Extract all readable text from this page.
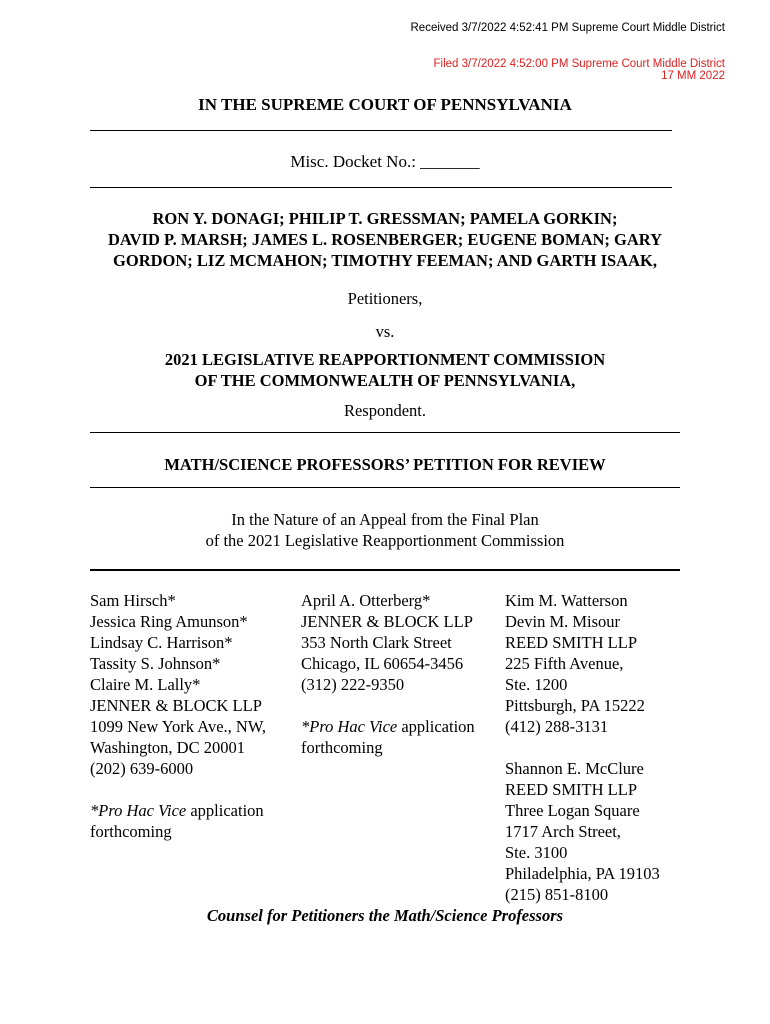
Received 3/7/2022 4:52:41 PM Supreme Court Middle District
Filed 3/7/2022 4:52:00 PM Supreme Court Middle District
17 MM 2022
IN THE SUPREME COURT OF PENNSYLVANIA
Misc. Docket No.: _______
RON Y. DONAGI; PHILIP T. GRESSMAN; PAMELA GORKIN;
DAVID P. MARSH; JAMES L. ROSENBERGER; EUGENE BOMAN; GARY
GORDON; LIZ MCMAHON; TIMOTHY FEEMAN; AND GARTH ISAAK,
Petitioners,
vs.
2021 LEGISLATIVE REAPPORTIONMENT COMMISSION
OF THE COMMONWEALTH OF PENNSYLVANIA,
Respondent.
MATH/SCIENCE PROFESSORS’ PETITION FOR REVIEW
In the Nature of an Appeal from the Final Plan
of the 2021 Legislative Reapportionment Commission
Sam Hirsch*
Jessica Ring Amunson*
Lindsay C. Harrison*
Tassity S. Johnson*
Claire M. Lally*
JENNER & BLOCK LLP
1099 New York Ave., NW,
Washington, DC 20001
(202) 639-6000
*Pro Hac Vice application
forthcoming
April A. Otterberg*
JENNER & BLOCK LLP
353 North Clark Street
Chicago, IL 60654-3456
(312) 222-9350
*Pro Hac Vice application
forthcoming
Kim M. Watterson
Devin M. Misour
REED SMITH LLP
225 Fifth Avenue,
Ste. 1200
Pittsburgh, PA 15222
(412) 288-3131
Shannon E. McClure
REED SMITH LLP
Three Logan Square
1717 Arch Street,
Ste. 3100
Philadelphia, PA 19103
(215) 851-8100
Counsel for Petitioners the Math/Science Professors
